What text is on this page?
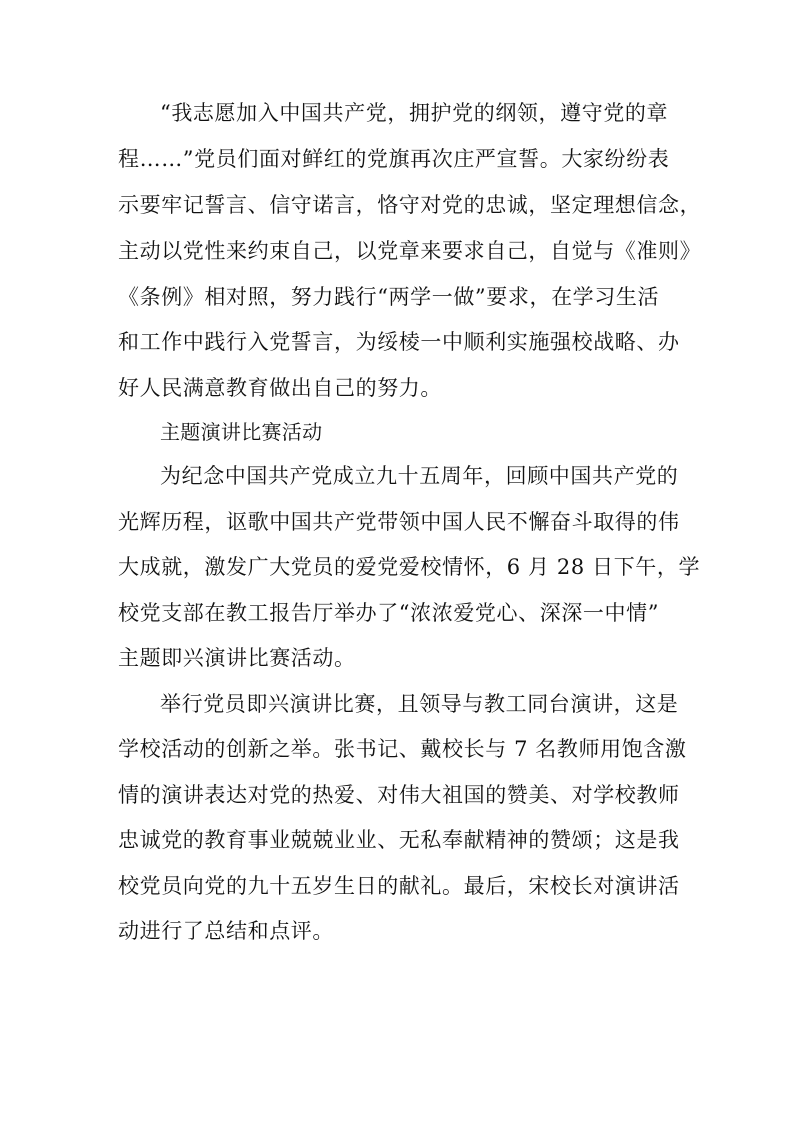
“我志愿加入中国共产党，拥护党的纲领，遵守党的章
程……”党员们面对鲜红的党旗再次庄严宣誓。大家纷纷表
示要牢记誓言、信守诺言，恪守对党的忠诚，坚定理想信念，
主动以党性来约束自己，以党章来要求自己，自觉与《准则》
《条例》相对照，努力践行“两学一做”要求，在学习生活
和工作中践行入党誓言，为绥棱一中顺利实施强校战略、办
好人民满意教育做出自己的努力。
主题演讲比赛活动
为纪念中国共产党成立九十五周年，回顾中国共产党的
光辉历程，讴歌中国共产党带领中国人民不懈奋斗取得的伟
大成就，激发广大党员的爱党爱校情怀，6 月 28 日下午，学
校党支部在教工报告厅举办了“浓浓爱党心、深深一中情”
主题即兴演讲比赛活动。
举行党员即兴演讲比赛，且领导与教工同台演讲，这是
学校活动的创新之举。张书记、戴校长与 7 名教师用饱含激
情的演讲表达对党的热爱、对伟大祖国的赞美、对学校教师
忠诚党的教育事业兢兢业业、无私奉献精神的赞颂；这是我
校党员向党的九十五岁生日的献礼。最后，宋校长对演讲活
动进行了总结和点评。
